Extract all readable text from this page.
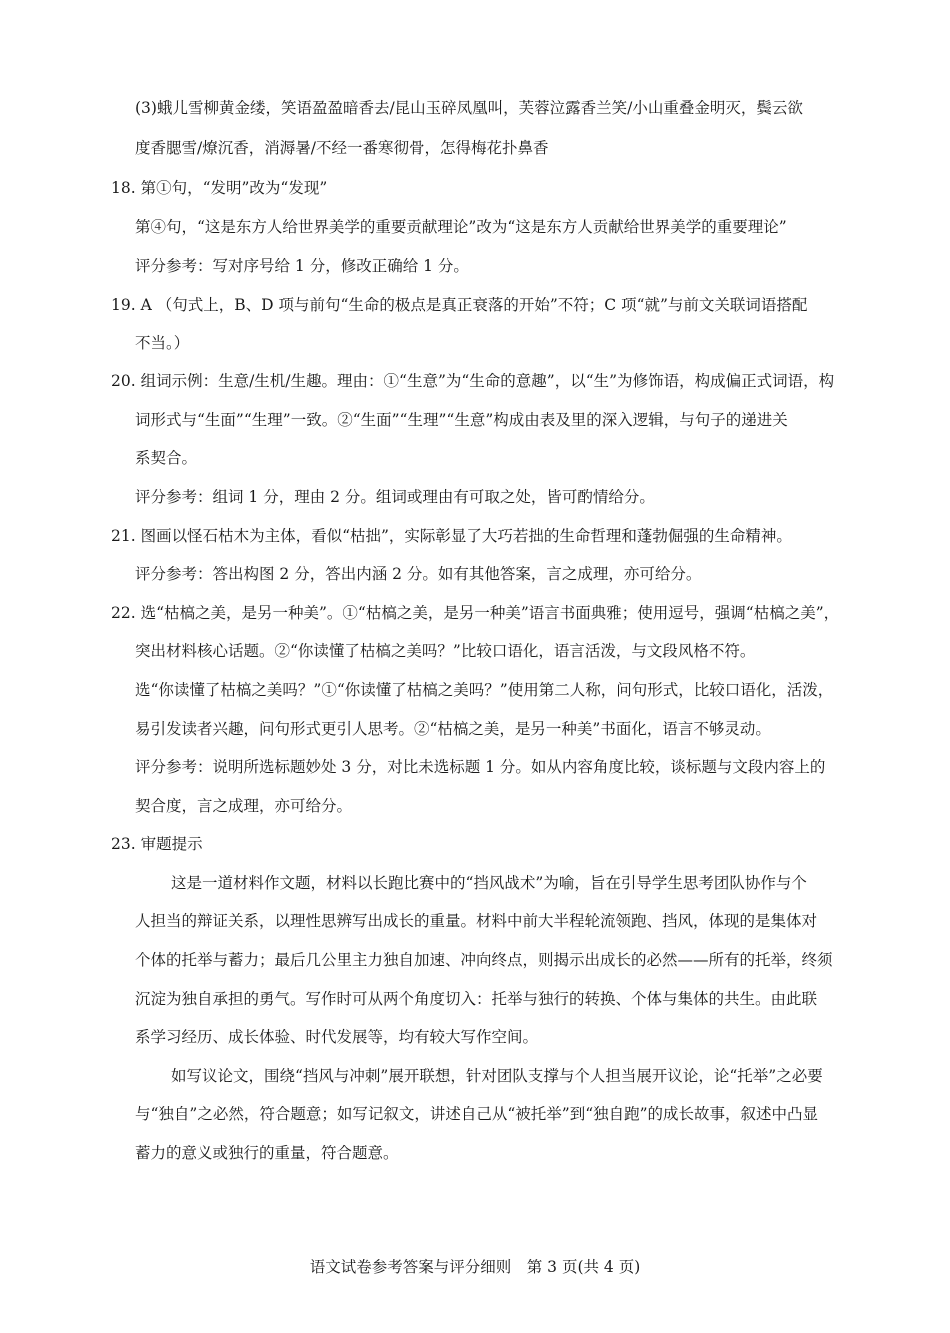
(3)蛾儿雪柳黄金缕，笑语盈盈暗香去/昆山玉碎凤凰叫，芙蓉泣露香兰笑/小山重叠金明灭，鬓云欲
度香腮雪/燎沉香，消溽暑/不经一番寒彻骨，怎得梅花扑鼻香
18. 第①句，“发明”改为“发现”
第④句，“这是东方人给世界美学的重要贡献理论”改为“这是东方人贡献给世界美学的重要理论”
评分参考：写对序号给 1 分，修改正确给 1 分。
19. A （句式上，B、D 项与前句“生命的极点是真正衰落的开始”不符；C 项“就”与前文关联词语搭配
不当。）
20. 组词示例：生意/生机/生趣。理由：①“生意”为“生命的意趣”，以“生”为修饰语，构成偏正式词语，构
词形式与“生面”“生理”一致。②“生面”“生理”“生意”构成由表及里的深入逻辑，与句子的递进关
系契合。
评分参考：组词 1 分，理由 2 分。组词或理由有可取之处，皆可酌情给分。
21. 图画以怪石枯木为主体，看似“枯拙”，实际彰显了大巧若拙的生命哲理和蓬勃倔强的生命精神。
评分参考：答出构图 2 分，答出内涵 2 分。如有其他答案，言之成理，亦可给分。
22. 选“枯槁之美，是另一种美”。①“枯槁之美，是另一种美”语言书面典雅；使用逗号，强调“枯槁之美”，
突出材料核心话题。②“你读懂了枯槁之美吗？”比较口语化，语言活泼，与文段风格不符。
选“你读懂了枯槁之美吗？”①“你读懂了枯槁之美吗？”使用第二人称，问句形式，比较口语化，活泼，
易引发读者兴趣，问句形式更引人思考。②“枯槁之美，是另一种美”书面化，语言不够灵动。
评分参考：说明所选标题妙处 3 分，对比未选标题 1 分。如从内容角度比较，谈标题与文段内容上的
契合度，言之成理，亦可给分。
23. 审题提示
这是一道材料作文题，材料以长跑比赛中的“挡风战术”为喻，旨在引导学生思考团队协作与个
人担当的辩证关系，以理性思辨写出成长的重量。材料中前大半程轮流领跑、挡风，体现的是集体对
个体的托举与蓄力；最后几公里主力独自加速、冲向终点，则揭示出成长的必然——所有的托举，终须
沉淀为独自承担的勇气。写作时可从两个角度切入：托举与独行的转换、个体与集体的共生。由此联
系学习经历、成长体验、时代发展等，均有较大写作空间。
如写议论文，围绕“挡风与冲刺”展开联想，针对团队支撑与个人担当展开议论，论“托举”之必要
与“独自”之必然，符合题意；如写记叙文，讲述自己从“被托举”到“独自跑”的成长故事，叙述中凸显
蓄力的意义或独行的重量，符合题意。
语文试卷参考答案与评分细则　第 3 页(共 4 页)
